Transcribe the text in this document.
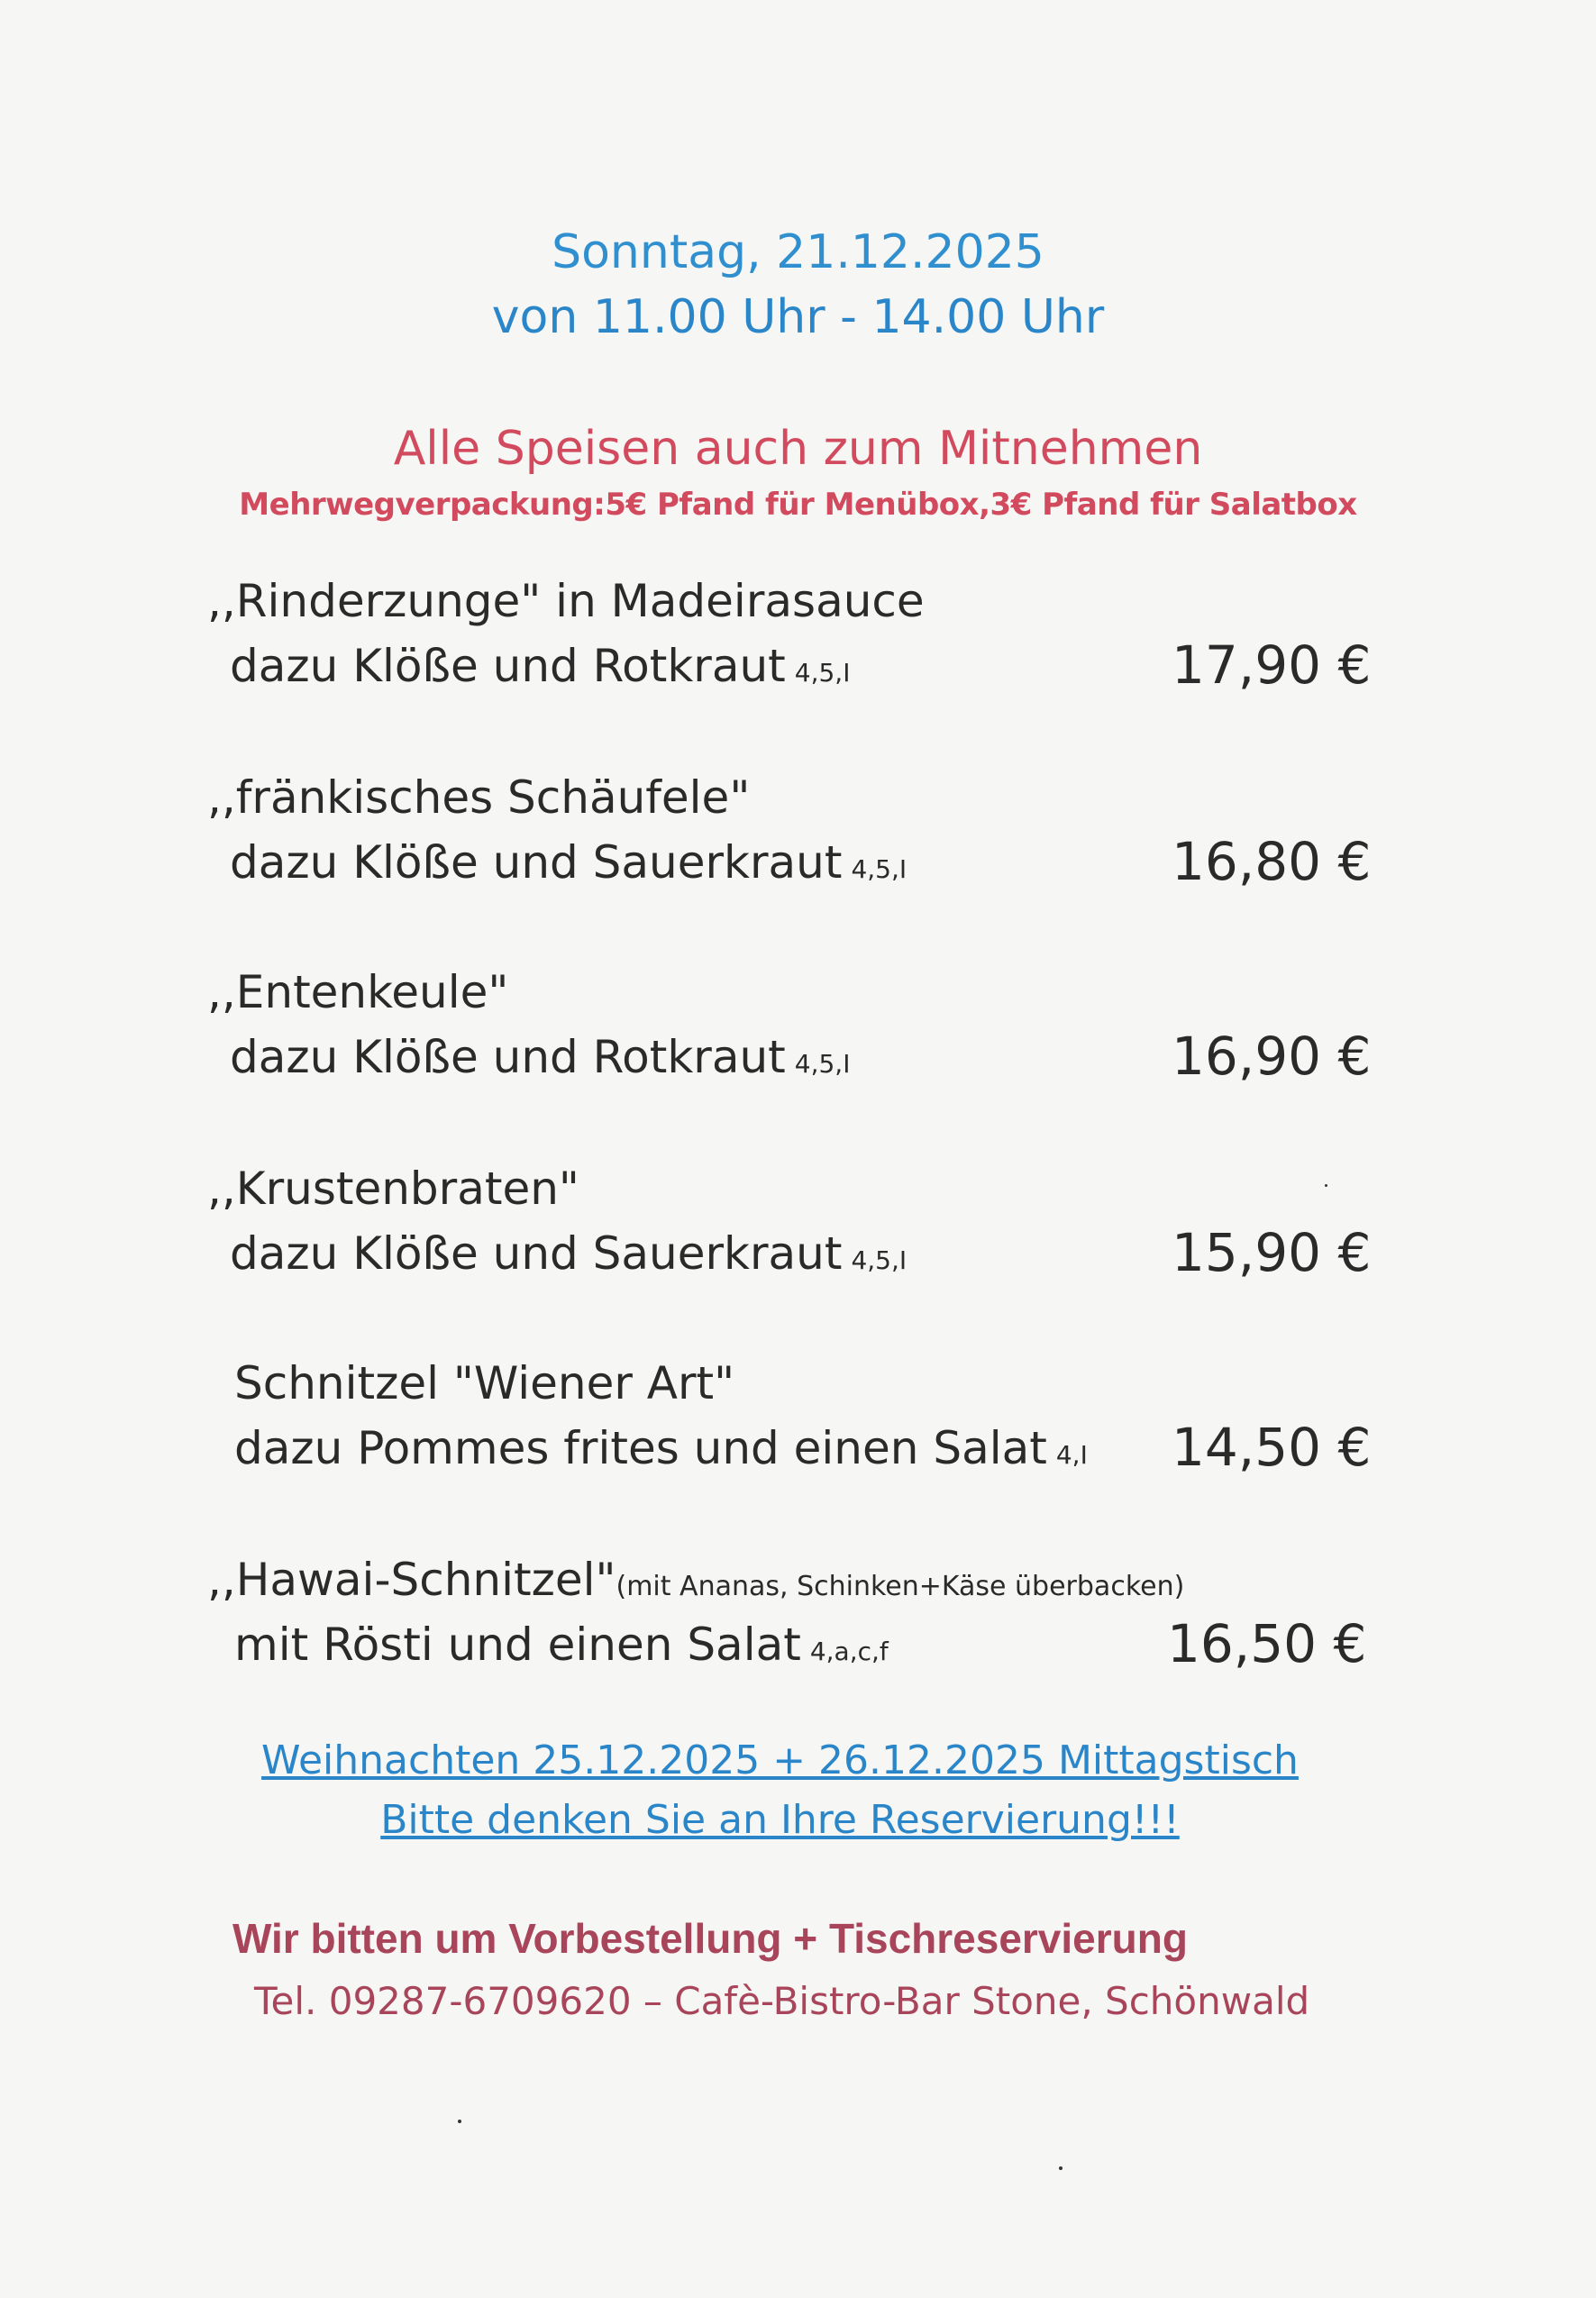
Sonntag, 21.12.2025
von 11.00 Uhr - 14.00 Uhr
Alle Speisen auch zum Mitnehmen
Mehrwegverpackung:5€ Pfand für Menübox,3€ Pfand für Salatbox
,,Rinderzunge" in Madeirasauce
dazu Klöße und Rotkraut 4,5,I	17,90 €
,,fränkisches Schäufele"
dazu Klöße und Sauerkraut 4,5,I	16,80 €
,,Entenkeule"
dazu Klöße und Rotkraut 4,5,I	16,90 €
,,Krustenbraten"
dazu Klöße und Sauerkraut 4,5,I	15,90 €
Schnitzel "Wiener Art"
dazu Pommes frites und einen Salat 4,I 14,50 €
,,Hawai-Schnitzel"(mit Ananas, Schinken+Käse überbacken)
mit Rösti und einen Salat 4,a,c,f	16,50 €
Weihnachten 25.12.2025 + 26.12.2025 Mittagstisch
Bitte denken Sie an Ihre Reservierung!!!
Wir bitten um Vorbestellung + Tischreservierung
Tel. 09287-6709620 – Cafè-Bistro-Bar Stone, Schönwald
